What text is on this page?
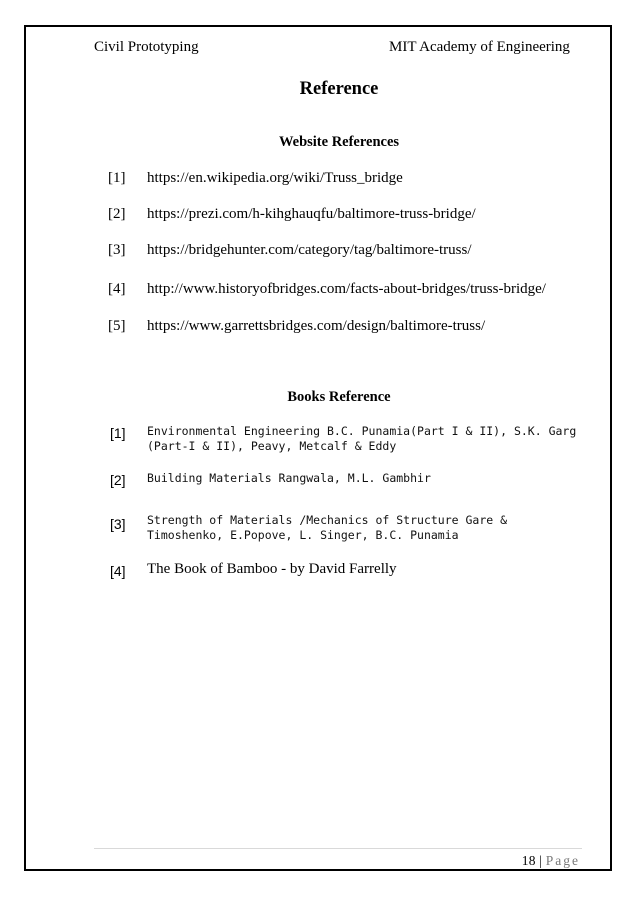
Civil Prototyping	MIT Academy of Engineering
Reference
Website References
[1] https://en.wikipedia.org/wiki/Truss_bridge
[2] https://prezi.com/h-kihghauqfu/baltimore-truss-bridge/
[3] https://bridgehunter.com/category/tag/baltimore-truss/
[4] http://www.historyofbridges.com/facts-about-bridges/truss-bridge/
[5] https://www.garrettsbridges.com/design/baltimore-truss/
Books Reference
[1] Environmental Engineering B.C. Punamia(Part I & II), S.K. Garg (Part-I & II), Peavy, Metcalf & Eddy
[2] Building Materials Rangwala, M.L. Gambhir
[3] Strength of Materials /Mechanics of Structure Gare & Timoshenko, E.Popove, L. Singer, B.C. Punamia
[4] The Book of Bamboo - by David Farrelly
18 | Page
